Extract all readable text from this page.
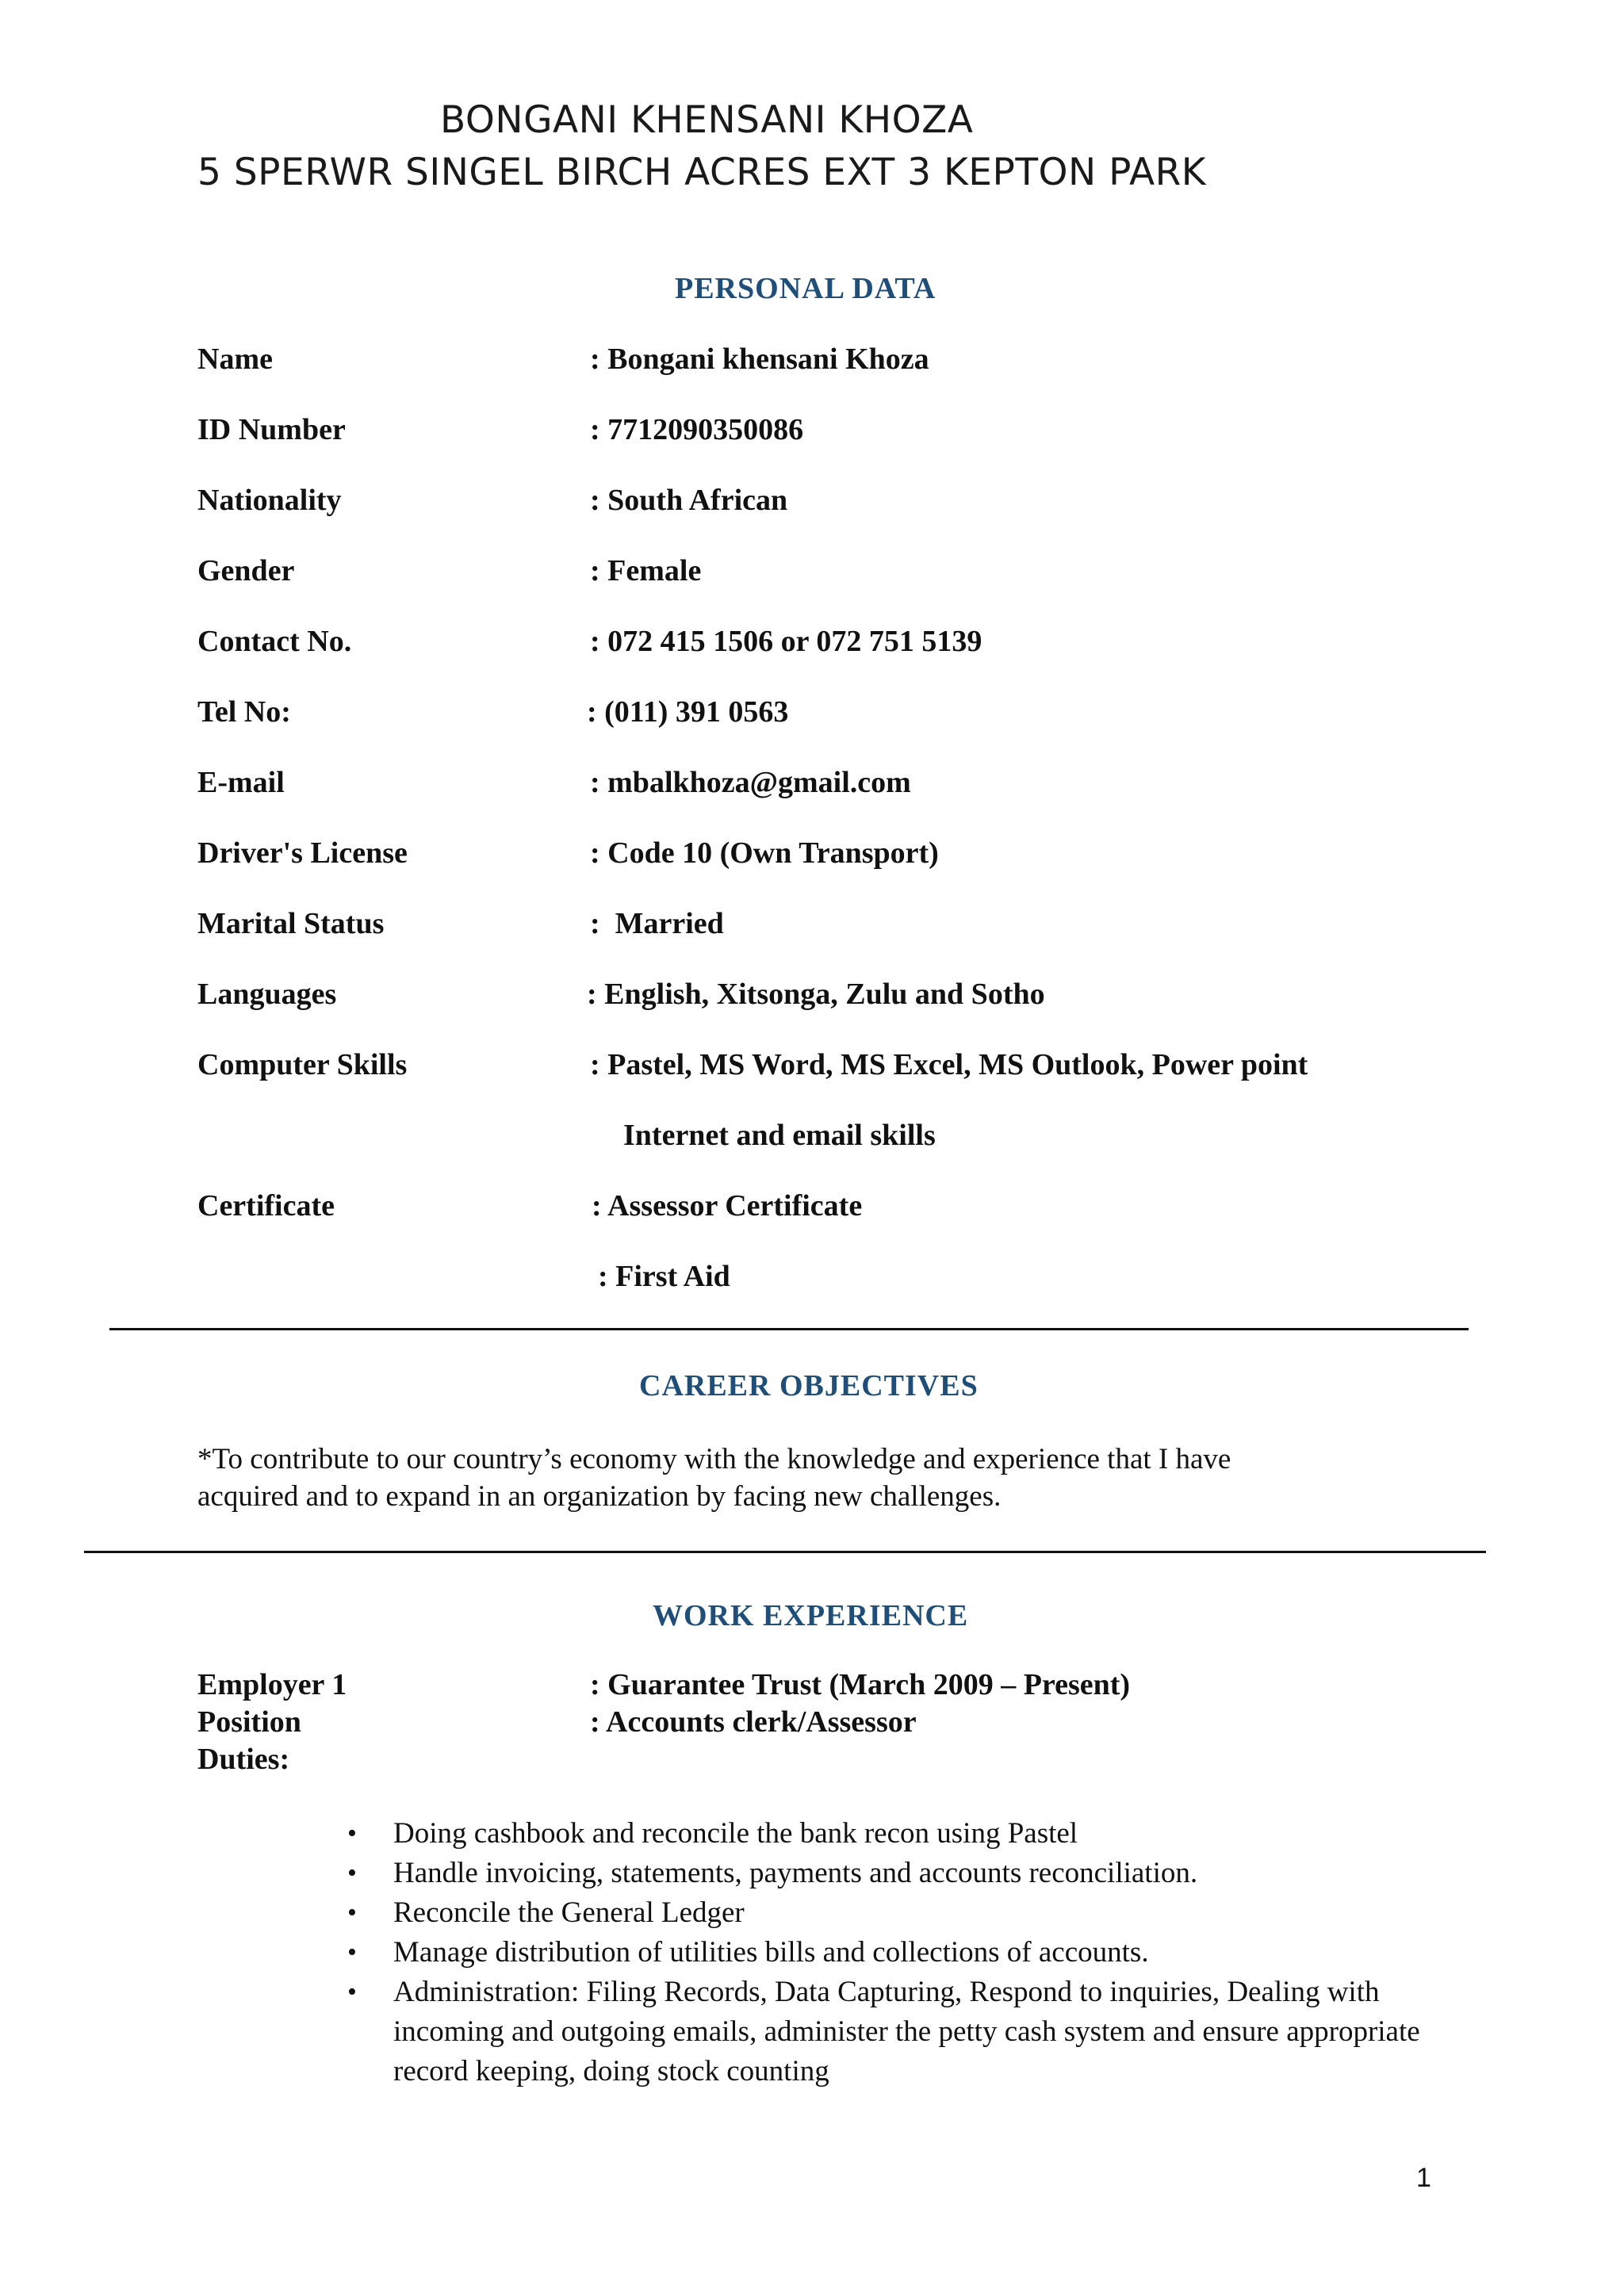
BONGANI KHENSANI KHOZA
5 SPERWR SINGEL BIRCH ACRES EXT 3 KEPTON PARK
PERSONAL DATA
Name	: Bongani khensani Khoza
ID Number	: 7712090350086
Nationality	: South African
Gender	: Female
Contact No.	: 072 415 1506 or 072 751 5139
Tel No:	: (011) 391 0563
E-mail	: mbalkhoza@gmail.com
Driver's License	: Code 10 (Own Transport)
Marital Status	:  Married
Languages	: English, Xitsonga, Zulu and Sotho
Computer Skills	: Pastel, MS Word, MS Excel, MS Outlook, Power point
Internet and email skills
Certificate	: Assessor Certificate
: First Aid
CAREER OBJECTIVES
*To contribute to our country’s economy with the knowledge and experience that I have
acquired and to expand in an organization by facing new challenges.
WORK EXPERIENCE
Employer 1	: Guarantee Trust (March 2009 – Present)
Position	: Accounts clerk/Assessor
Duties:
• Doing cashbook and reconcile the bank recon using Pastel
• Handle invoicing, statements, payments and accounts reconciliation.
• Reconcile the General Ledger
• Manage distribution of utilities bills and collections of accounts.
• Administration: Filing Records, Data Capturing, Respond to inquiries, Dealing with incoming and outgoing emails, administer the petty cash system and ensure appropriate record keeping, doing stock counting
1
